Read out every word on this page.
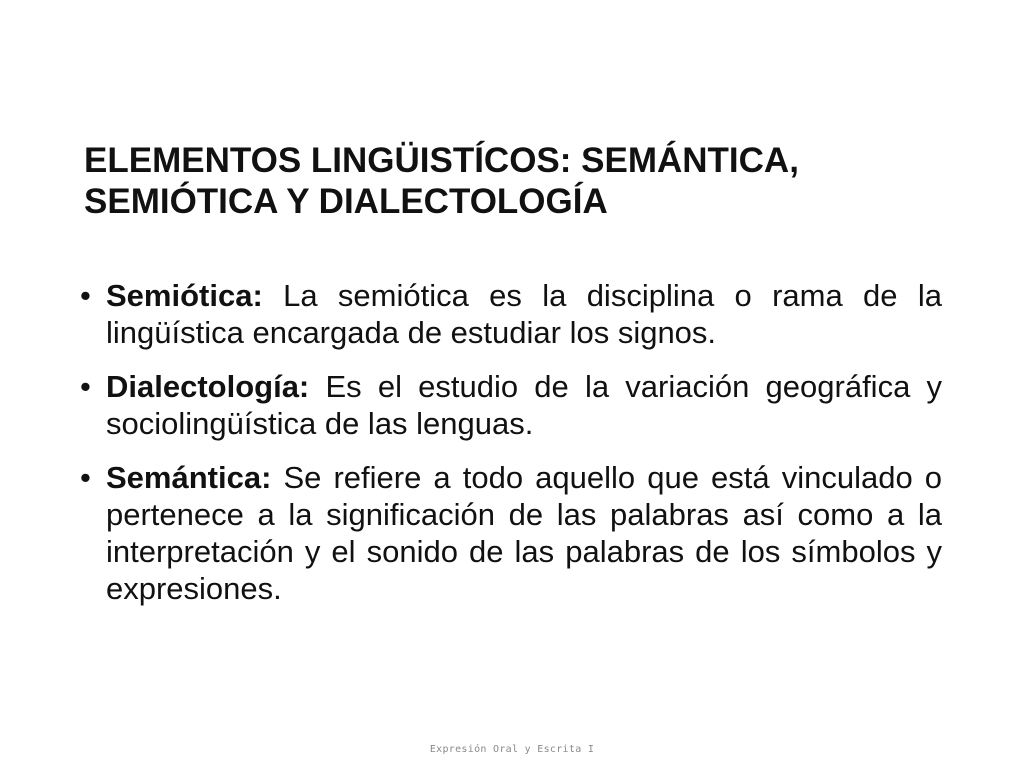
ELEMENTOS LINGÜISTÍCOS: SEMÁNTICA,
SEMIÓTICA Y DIALECTOLOGÍA
• Semiótica: La semiótica es la disciplina o rama de la lingüística encargada de estudiar los signos.
• Dialectología: Es el estudio de la variación geográfica y sociolingüística de las lenguas.
• Semántica: Se refiere a todo aquello que está vinculado o pertenece a la significación de las palabras así como a la interpretación y el sonido de las palabras de los símbolos y expresiones.
Expresión Oral y Escrita I
